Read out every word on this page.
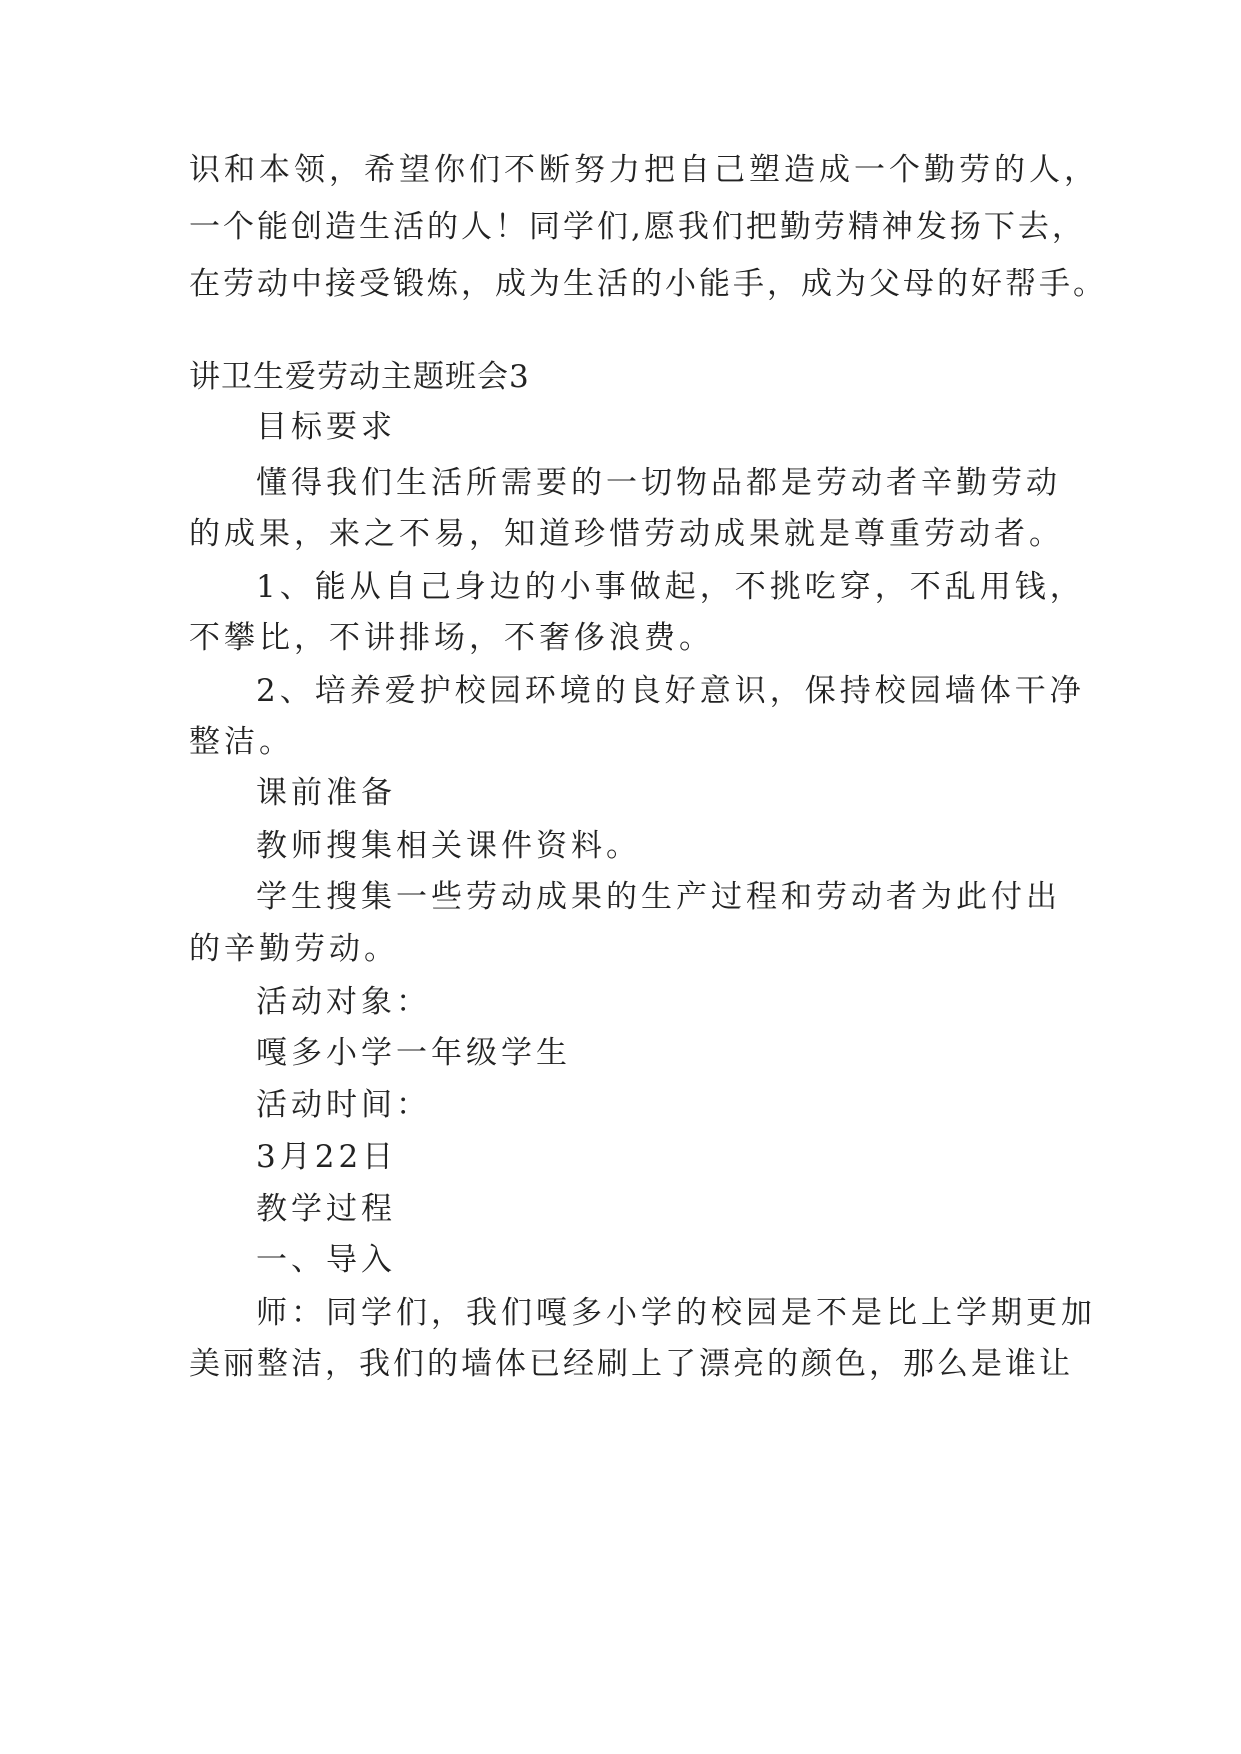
识和本领，希望你们不断努力把自己塑造成一个勤劳的人，
一个能创造生活的人！同学们,愿我们把勤劳精神发扬下去，
在劳动中接受锻炼，成为生活的小能手，成为父母的好帮手。
讲卫生爱劳动主题班会3
目标要求
懂得我们生活所需要的一切物品都是劳动者辛勤劳动
的成果，来之不易，知道珍惜劳动成果就是尊重劳动者。
1、能从自己身边的小事做起，不挑吃穿，不乱用钱，
不攀比，不讲排场，不奢侈浪费。
2、培养爱护校园环境的良好意识，保持校园墙体干净
整洁。
课前准备
教师搜集相关课件资料。
学生搜集一些劳动成果的生产过程和劳动者为此付出
的辛勤劳动。
活动对象：
嘎多小学一年级学生
活动时间：
3月22日
教学过程
一、导入
师：同学们，我们嘎多小学的校园是不是比上学期更加
美丽整洁，我们的墙体已经刷上了漂亮的颜色，那么是谁让
